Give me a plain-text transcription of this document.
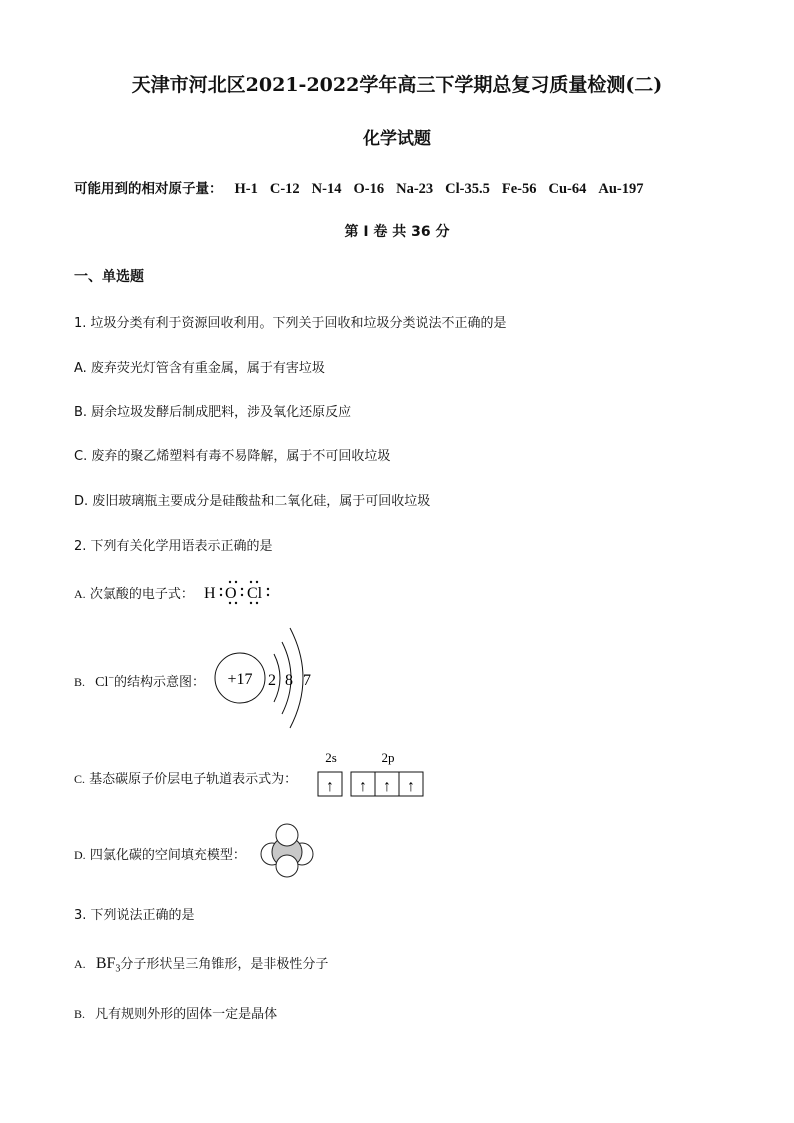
天津市河北区2021-2022学年高三下学期总复习质量检测(二)
化学试题
可能用到的相对原子量： H-1 C-12 N-14 O-16 Na-23 Cl-35.5 Fe-56 Cu-64 Au-197
第 I 卷 共 36 分
一、单选题
1. 垃圾分类有利于资源回收利用。下列关于回收和垃圾分类说法不正确的是
A. 废弃荧光灯管含有重金属，属于有害垃圾
B. 厨余垃圾发酵后制成肥料，涉及氧化还原反应
C. 废弃的聚乙烯塑料有毒不易降解，属于不可回收垃圾
D. 废旧玻璃瓶主要成分是硅酸盐和二氧化硅，属于可回收垃圾
2. 下列有关化学用语表示正确的是
A. 次氯酸的电子式： H O Cl
B. Cl−的结构示意图： +17 2 8 7
C. 基态碳原子价层电子轨道表示式为：
2s	2p
↑ ↑ ↑ ↑
D. 四氯化碳的空间填充模型：
3. 下列说法正确的是
A. $BF_3$分子形状呈三角锥形，是非极性分子
B. 凡有规则外形的固体一定是晶体
